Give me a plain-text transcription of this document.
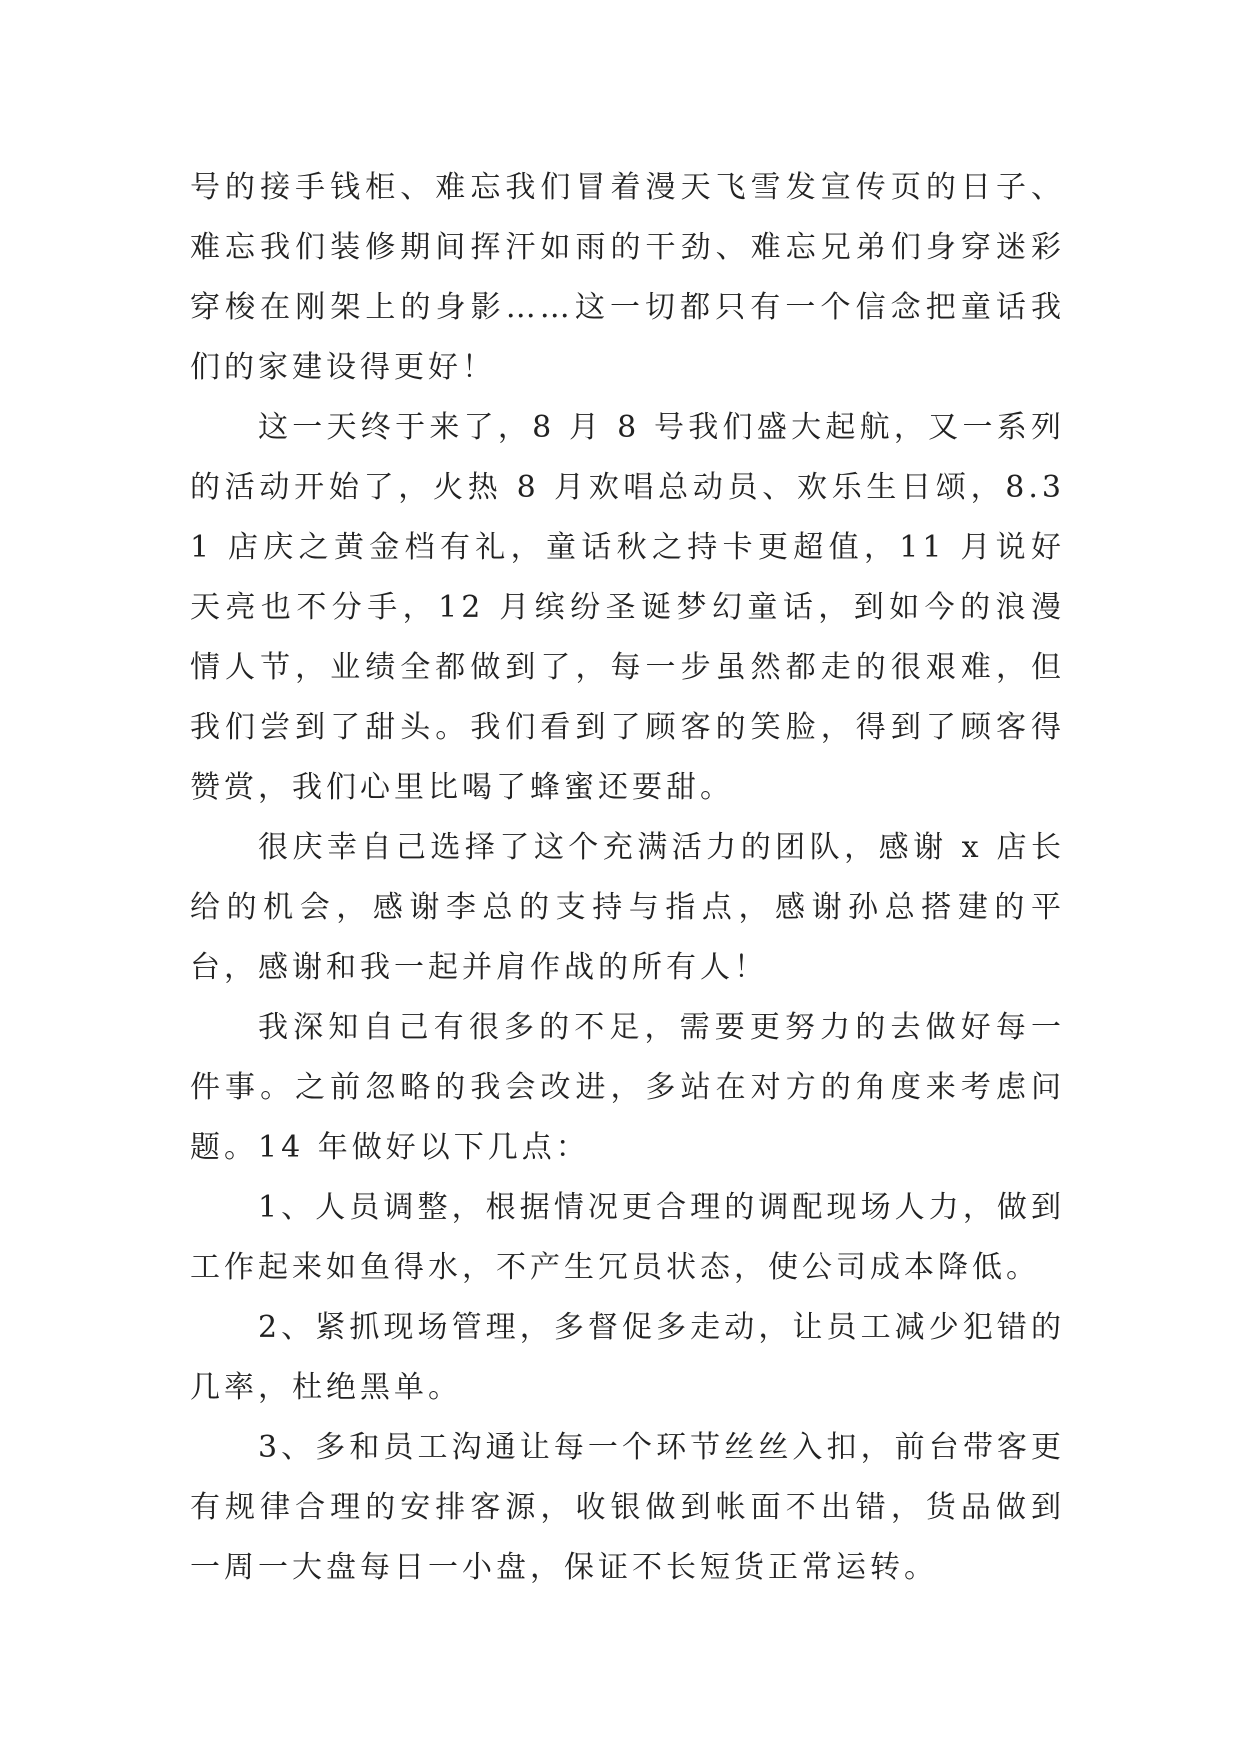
号的接手钱柜、难忘我们冒着漫天飞雪发宣传页的日子、难忘我们装修期间挥汗如雨的干劲、难忘兄弟们身穿迷彩穿梭在刚架上的身影……这一切都只有一个信念把童话我们的家建设得更好！

这一天终于来了，8 月 8 号我们盛大起航，又一系列的活动开始了，火热 8 月欢唱总动员、欢乐生日颂，8.31 店庆之黄金档有礼，童话秋之持卡更超值，11 月说好天亮也不分手，12 月缤纷圣诞梦幻童话，到如今的浪漫情人节，业绩全都做到了，每一步虽然都走的很艰难，但我们尝到了甜头。我们看到了顾客的笑脸，得到了顾客得赞赏，我们心里比喝了蜂蜜还要甜。

很庆幸自己选择了这个充满活力的团队，感谢 x 店长给的机会，感谢李总的支持与指点，感谢孙总搭建的平台，感谢和我一起并肩作战的所有人！

我深知自己有很多的不足，需要更努力的去做好每一件事。之前忽略的我会改进，多站在对方的角度来考虑问题。14 年做好以下几点：

1、人员调整，根据情况更合理的调配现场人力，做到工作起来如鱼得水，不产生冗员状态，使公司成本降低。

2、紧抓现场管理，多督促多走动，让员工减少犯错的几率，杜绝黑单。

3、多和员工沟通让每一个环节丝丝入扣，前台带客更有规律合理的安排客源，收银做到帐面不出错，货品做到一周一大盘每日一小盘，保证不长短货正常运转。
